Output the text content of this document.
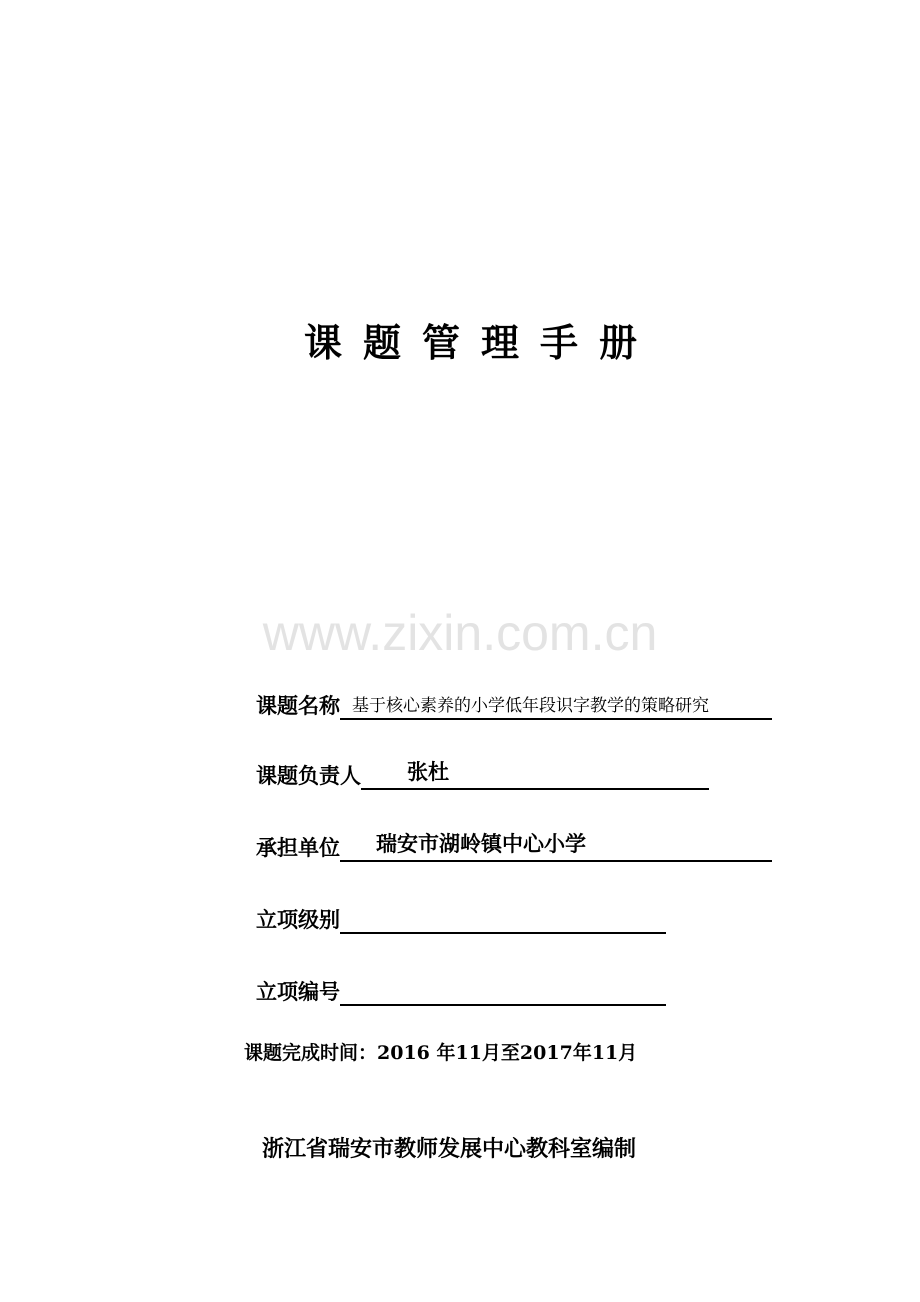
课题管理手册
www.zixin.com.cn
课题名称 基于核心素养的小学低年段识字教学的策略研究
课题负责人	张杜
承担单位	瑞安市湖岭镇中心小学
立项级别
立项编号
课题完成时间：2016 年11月至2017年11月
浙江省瑞安市教师发展中心教科室编制
